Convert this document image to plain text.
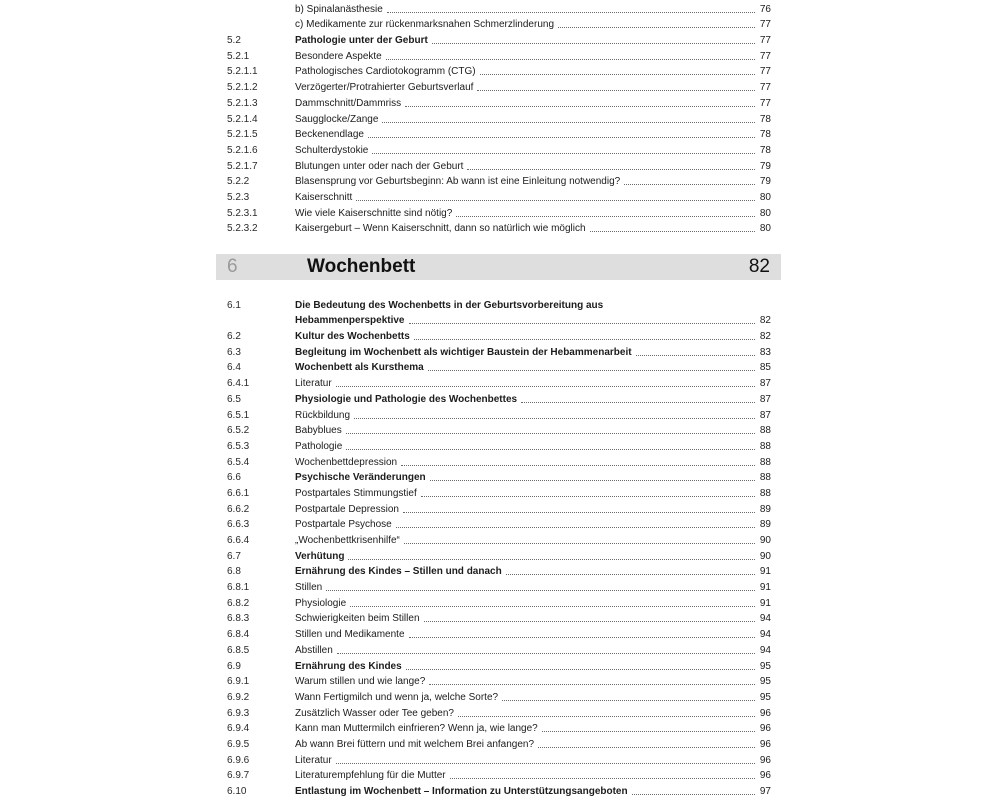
b) Spinalanästhesie	76
c) Medikamente zur rückenmarksnahen Schmerzlinderung	77
5.2	Pathologie unter der Geburt	77
5.2.1	Besondere Aspekte	77
5.2.1.1	Pathologisches Cardiotokogramm (CTG)	77
5.2.1.2	Verzögerter/Protrahierter Geburtsverlauf	77
5.2.1.3	Dammschnitt/Dammriss	77
5.2.1.4	Saugglocke/Zange	78
5.2.1.5	Beckenendlage	78
5.2.1.6	Schulterdystokie	78
5.2.1.7	Blutungen unter oder nach der Geburt	79
5.2.2	Blasensprung vor Geburtsbeginn: Ab wann ist eine Einleitung notwendig?	79
5.2.3	Kaiserschnitt	80
5.2.3.1	Wie viele Kaiserschnitte sind nötig?	80
5.2.3.2	Kaisergeburt – Wenn Kaiserschnitt, dann so natürlich wie möglich	80
6	Wochenbett	82
6.1	Die Bedeutung des Wochenbetts in der Geburtsvorbereitung aus
Hebammenperspektive	82
6.2	Kultur des Wochenbetts	82
6.3	Begleitung im Wochenbett als wichtiger Baustein der Hebammenarbeit	83
6.4	Wochenbett als Kursthema	85
6.4.1	Literatur	87
6.5	Physiologie und Pathologie des Wochenbettes	87
6.5.1	Rückbildung	87
6.5.2	Babyblues	88
6.5.3	Pathologie	88
6.5.4	Wochenbettdepression	88
6.6	Psychische Veränderungen	88
6.6.1	Postpartales Stimmungstief	88
6.6.2	Postpartale Depression	89
6.6.3	Postpartale Psychose	89
6.6.4	„Wochenbettkrisenhilfe“	90
6.7	Verhütung	90
6.8	Ernährung des Kindes – Stillen und danach	91
6.8.1	Stillen	91
6.8.2	Physiologie	91
6.8.3	Schwierigkeiten beim Stillen	94
6.8.4	Stillen und Medikamente	94
6.8.5	Abstillen	94
6.9	Ernährung des Kindes	95
6.9.1	Warum stillen und wie lange?	95
6.9.2	Wann Fertigmilch und wenn ja, welche Sorte?	95
6.9.3	Zusätzlich Wasser oder Tee geben?	96
6.9.4	Kann man Muttermilch einfrieren? Wenn ja, wie lange?	96
6.9.5	Ab wann Brei füttern und mit welchem Brei anfangen?	96
6.9.6	Literatur	96
6.9.7	Literaturempfehlung für die Mutter	96
6.10	Entlastung im Wochenbett – Information zu Unterstützungsangeboten	97
